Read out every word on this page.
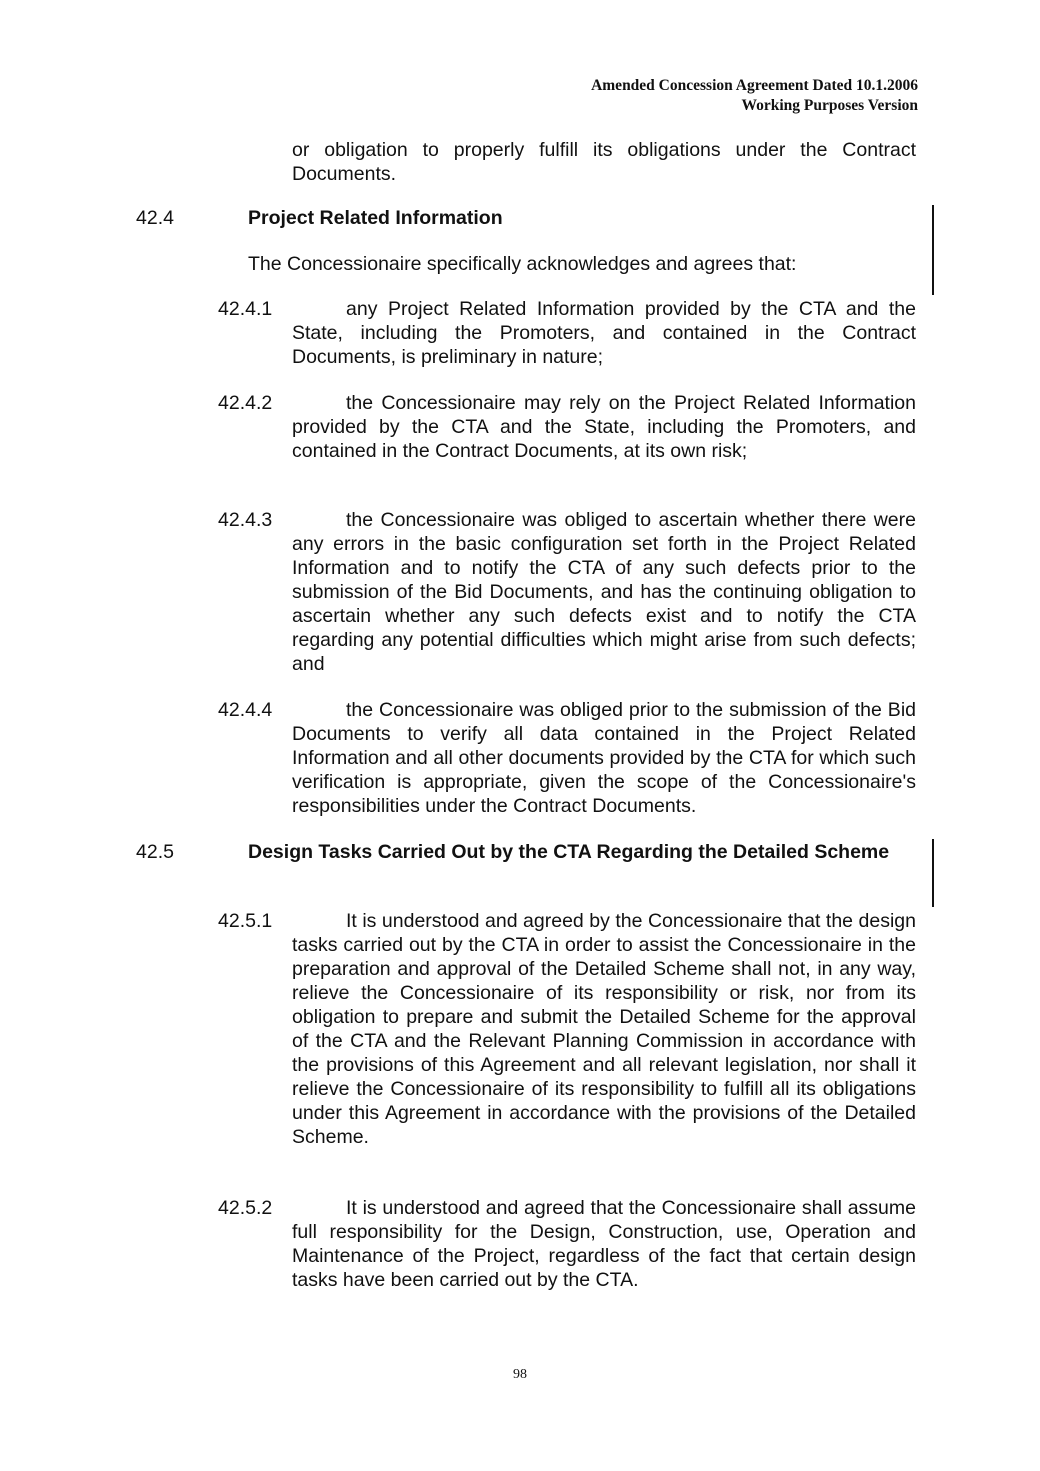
Amended Concession Agreement Dated 10.1.2006
Working Purposes Version

or obligation to properly fulfill its obligations under the Contract Documents.

42.4	Project Related Information

The Concessionaire specifically acknowledges and agrees that:

42.4.1	any Project Related Information provided by the CTA and the State, including the Promoters, and contained in the Contract Documents, is preliminary in nature;
42.4.2	the Concessionaire may rely on the Project Related Information provided by the CTA and the State, including the Promoters, and contained in the Contract Documents, at its own risk;
42.4.3	the Concessionaire was obliged to ascertain whether there were any errors in the basic configuration set forth in the Project Related Information and to notify the CTA of any such defects prior to the submission of the Bid Documents, and has the continuing obligation to ascertain whether any such defects exist and to notify the CTA regarding any potential difficulties which might arise from such defects; and
42.4.4	the Concessionaire was obliged prior to the submission of the Bid Documents to verify all data contained in the Project Related Information and all other documents provided by the CTA for which such verification is appropriate, given the scope of the Concessionaire's responsibilities under the Contract Documents.
42.5	Design Tasks Carried Out by the CTA Regarding the Detailed Scheme
42.5.1	It is understood and agreed by the Concessionaire that the design tasks carried out by the CTA in order to assist the Concessionaire in the preparation and approval of the Detailed Scheme shall not, in any way, relieve the Concessionaire of its responsibility or risk, nor from its obligation to prepare and submit the Detailed Scheme for the approval of the CTA and the Relevant Planning Commission in accordance with the provisions of this Agreement and all relevant legislation, nor shall it relieve the Concessionaire of its responsibility to fulfill all its obligations under this Agreement in accordance with the provisions of the Detailed Scheme.
42.5.2	It is understood and agreed that the Concessionaire shall assume full responsibility for the Design, Construction, use, Operation and Maintenance of the Project, regardless of the fact that certain design tasks have been carried out by the CTA.
98
